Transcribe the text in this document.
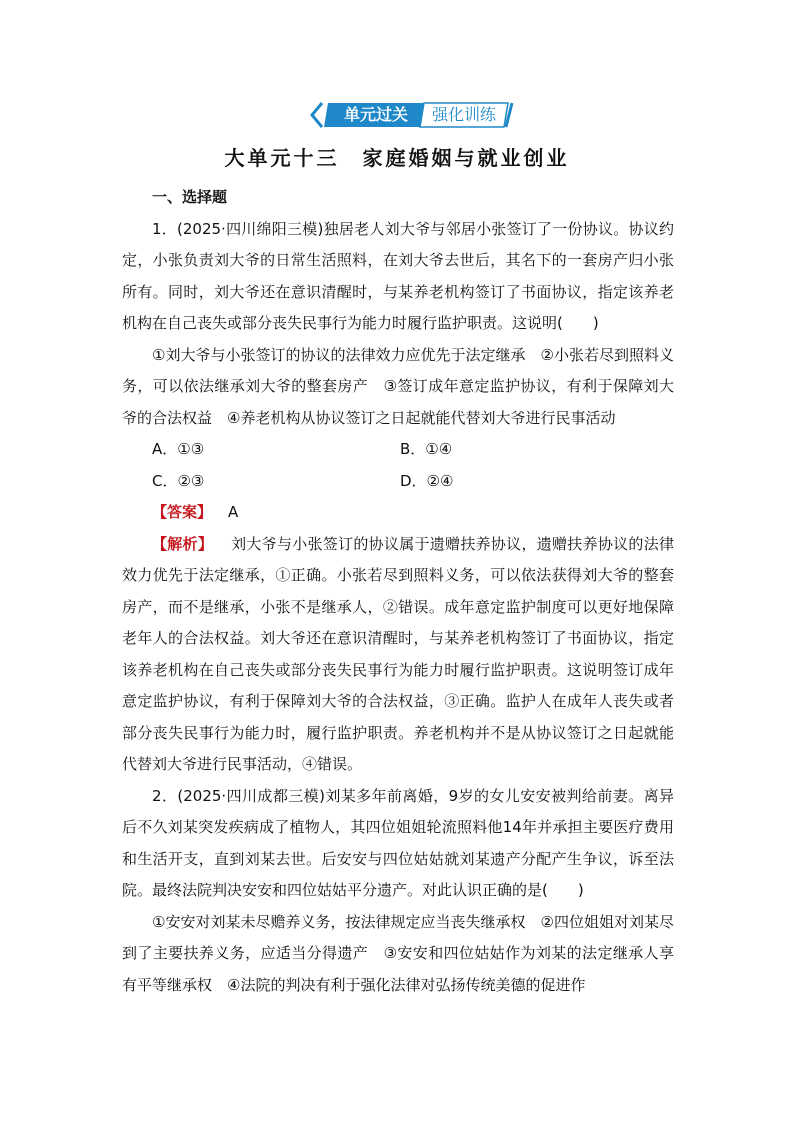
单元过关	强化训练
大单元十三　家庭婚姻与就业创业
一、选择题

1．(2025·四川绵阳三模)独居老人刘大爷与邻居小张签订了一份协议。协议约定，小张负责刘大爷的日常生活照料，在刘大爷去世后，其名下的一套房产归小张所有。同时，刘大爷还在意识清醒时，与某养老机构签订了书面协议，指定该养老机构在自己丧失或部分丧失民事行为能力时履行监护职责。这说明(　　)

①刘大爷与小张签订的协议的法律效力应优先于法定继承　②小张若尽到照料义务，可以依法继承刘大爷的整套房产　③签订成年意定监护协议，有利于保障刘大爷的合法权益　④养老机构从协议签订之日起就能代替刘大爷进行民事活动

A．①③	B．①④
C．②③	D．②④
【答案】 A

【解析】 刘大爷与小张签订的协议属于遗赠扶养协议，遗赠扶养协议的法律效力优先于法定继承，①正确。小张若尽到照料义务，可以依法获得刘大爷的整套房产，而不是继承，小张不是继承人，②错误。成年意定监护制度可以更好地保障老年人的合法权益。刘大爷还在意识清醒时，与某养老机构签订了书面协议，指定该养老机构在自己丧失或部分丧失民事行为能力时履行监护职责。这说明签订成年意定监护协议，有利于保障刘大爷的合法权益，③正确。监护人在成年人丧失或者部分丧失民事行为能力时，履行监护职责。养老机构并不是从协议签订之日起就能代替刘大爷进行民事活动，④错误。

2．(2025·四川成都三模)刘某多年前离婚，9岁的女儿安安被判给前妻。离异后不久刘某突发疾病成了植物人，其四位姐姐轮流照料他14年并承担主要医疗费用和生活开支，直到刘某去世。后安安与四位姑姑就刘某遗产分配产生争议，诉至法院。最终法院判决安安和四位姑姑平分遗产。对此认识正确的是(　　)

①安安对刘某未尽赡养义务，按法律规定应当丧失继承权　②四位姐姐对刘某尽到了主要扶养义务，应适当分得遗产　③安安和四位姑姑作为刘某的法定继承人享有平等继承权　④法院的判决有利于强化法律对弘扬传统美德的促进作
